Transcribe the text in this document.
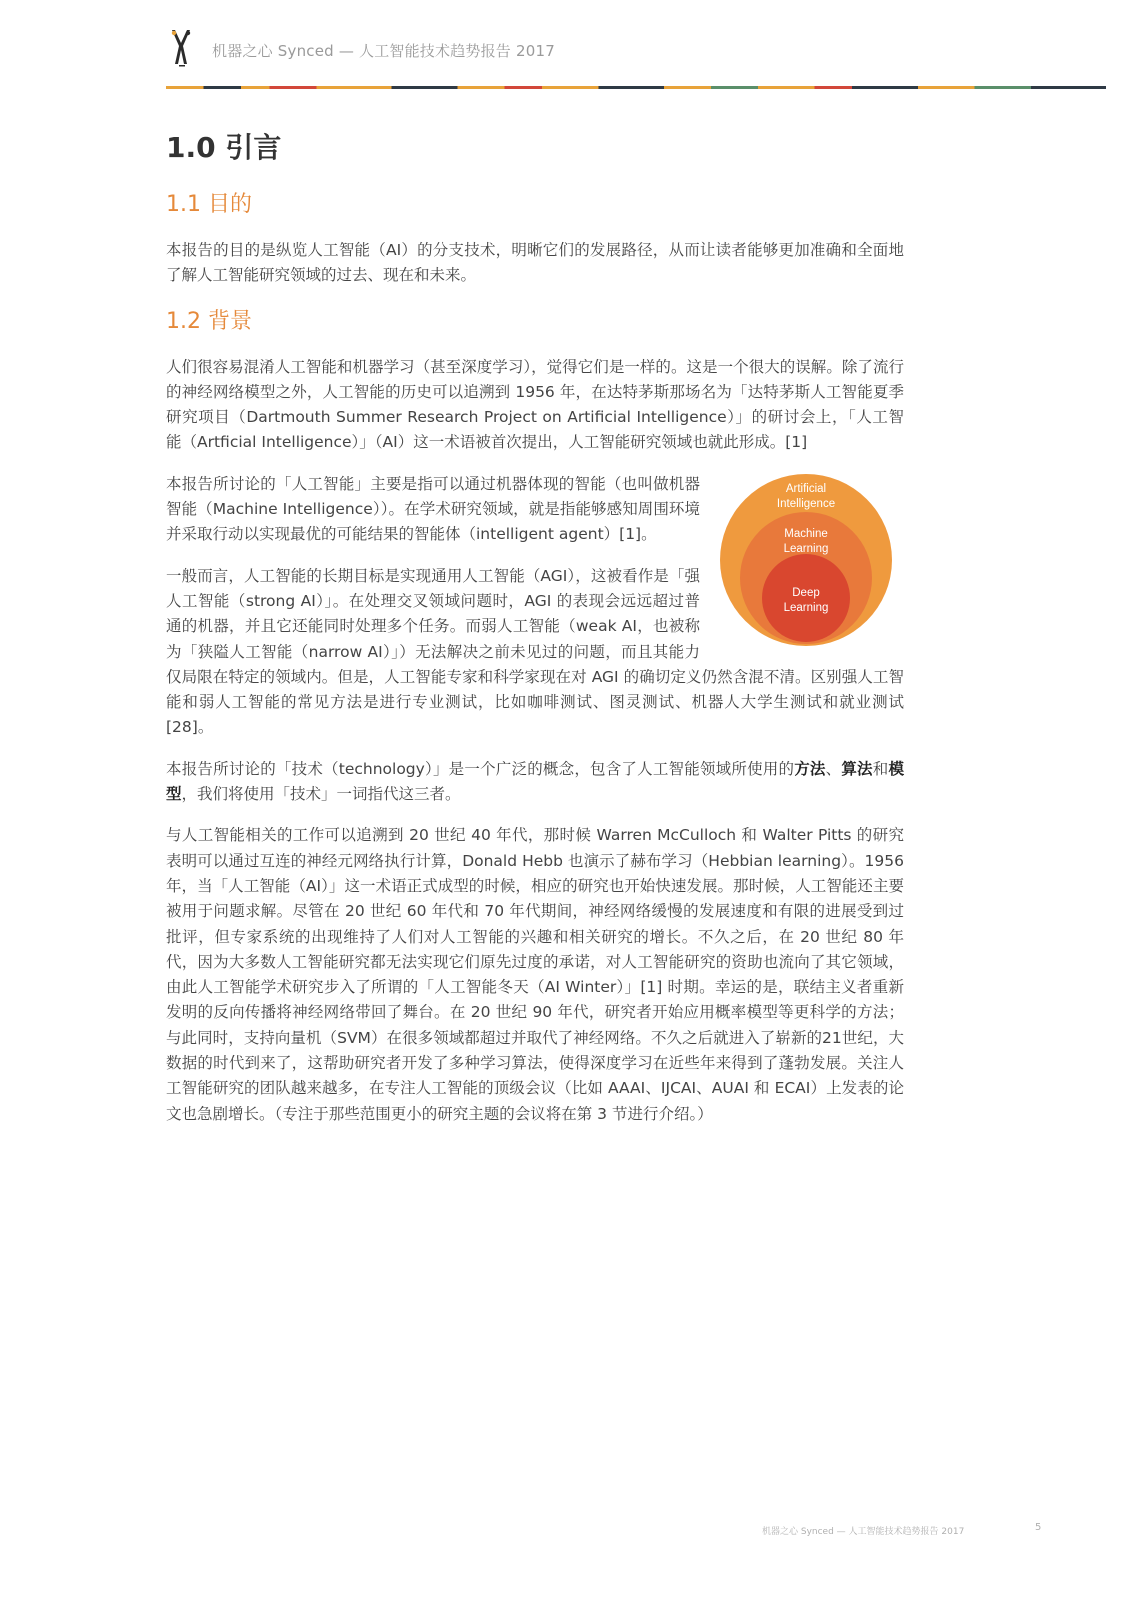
机器之心 Synced — 人工智能技术趋势报告 2017
1.0 引言
1.1 目的

本报告的目的是纵览人工智能（AI）的分支技术，明晰它们的发展路径，从而让读者能够更加准确和全面地了解人工智能研究领域的过去、现在和未来。

1.2 背景

人们很容易混淆人工智能和机器学习（甚至深度学习），觉得它们是一样的。这是一个很大的误解。除了流行的神经网络模型之外，人工智能的历史可以追溯到 1956 年，在达特茅斯那场名为「达特茅斯人工智能夏季研究项目（Dartmouth Summer Research Project on Artificial Intelligence）」的研讨会上，「人工智能（Artficial Intelligence）」（AI）这一术语被首次提出，人工智能研究领域也就此形成。[1]

Artificial
Intelligence
Machine
Learning
Deep
Learning

本报告所讨论的「人工智能」主要是指可以通过机器体现的智能（也叫做机器智能（Machine Intelligence））。在学术研究领域，就是指能够感知周围环境并采取行动以实现最优的可能结果的智能体（intelligent agent）[1]。

一般而言，人工智能的长期目标是实现通用人工智能（AGI），这被看作是「强人工智能（strong AI）」。在处理交叉领域问题时，AGI 的表现会远远超过普通的机器，并且它还能同时处理多个任务。而弱人工智能（weak AI，也被称为「狭隘人工智能（narrow AI）」）无法解决之前未见过的问题，而且其能力仅局限在特定的领域内。但是，人工智能专家和科学家现在对 AGI 的确切定义仍然含混不清。区别强人工智能和弱人工智能的常见方法是进行专业测试，比如咖啡测试、图灵测试、机器人大学生测试和就业测试 [28]。

本报告所讨论的「技术（technology）」是一个广泛的概念，包含了人工智能领域所使用的方法、算法和模型，我们将使用「技术」一词指代这三者。

与人工智能相关的工作可以追溯到 20 世纪 40 年代，那时候 Warren McCulloch 和 Walter Pitts 的研究表明可以通过互连的神经元网络执行计算，Donald Hebb 也演示了赫布学习（Hebbian learning）。1956 年，当「人工智能（AI）」这一术语正式成型的时候，相应的研究也开始快速发展。那时候，人工智能还主要被用于问题求解。尽管在 20 世纪 60 年代和 70 年代期间，神经网络缓慢的发展速度和有限的进展受到过批评，但专家系统的出现维持了人们对人工智能的兴趣和相关研究的增长。不久之后，在 20 世纪 80 年代，因为大多数人工智能研究都无法实现它们原先过度的承诺，对人工智能研究的资助也流向了其它领域，由此人工智能学术研究步入了所谓的「人工智能冬天（AI Winter）」[1] 时期。幸运的是，联结主义者重新发明的反向传播将神经网络带回了舞台。在 20 世纪 90 年代，研究者开始应用概率模型等更科学的方法；与此同时，支持向量机（SVM）在很多领域都超过并取代了神经网络。不久之后就进入了崭新的21世纪，大数据的时代到来了，这帮助研究者开发了多种学习算法，使得深度学习在近些年来得到了蓬勃发展。关注人工智能研究的团队越来越多，在专注人工智能的顶级会议（比如 AAAI、IJCAI、AUAI 和 ECAI）上发表的论文也急剧增长。（专注于那些范围更小的研究主题的会议将在第 3 节进行介绍。）

机器之心 Synced — 人工智能技术趋势报告 2017	5
